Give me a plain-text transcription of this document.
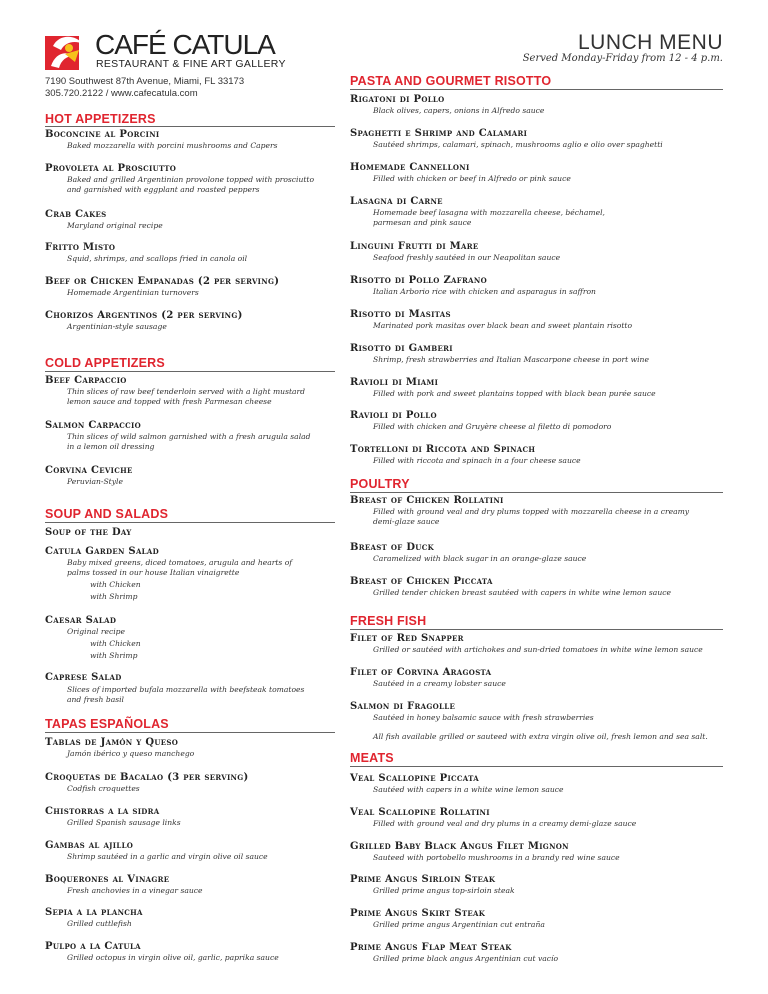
CAFÉ CATULA
RESTAURANT & FINE ART GALLERY
7190 Southwest 87th Avenue, Miami, FL 33173
305.720.2122 / www.cafecatula.com
LUNCH MENU
Served Monday-Friday from 12 - 4 p.m.
HOT APPETIZERS
Boconcine al Porcini
Baked mozzarella with porcini mushrooms and Capers
Provoleta al Prosciutto
Baked and grilled Argentinian provolone topped with prosciutto
and garnished with eggplant and roasted peppers
Crab Cakes
Maryland original recipe
Fritto Misto
Squid, shrimps, and scallops fried in canola oil
Beef or Chicken Empanadas (2 per serving)
Homemade Argentinian turnovers
Chorizos Argentinos (2 per serving)
Argentinian-style sausage
COLD APPETIZERS
Beef Carpaccio
Thin slices of raw beef tenderloin served with a light mustard
lemon sauce and topped with fresh Parmesan cheese
Salmon Carpaccio
Thin slices of wild salmon garnished with a fresh arugula salad
in a lemon oil dressing
Corvina Ceviche
Peruvian-Style
SOUP AND SALADS
Soup of the Day
Catula Garden Salad
Baby mixed greens, diced tomatoes, arugula and hearts of
palms tossed in our house Italian vinaigrette
with Chicken
with Shrimp
Caesar Salad
Original recipe
with Chicken
with Shrimp
Caprese Salad
Slices of imported bufala mozzarella with beefsteak tomatoes
and fresh basil
TAPAS ESPAÑOLAS
Tablas de Jamón y Queso
Jamón ibérico y queso manchego
Croquetas de Bacalao (3 per serving)
Codfish croquettes
Chistorras a la sidra
Grilled Spanish sausage links
Gambas al ajillo
Shrimp sautéed in a garlic and virgin olive oil sauce
Boquerones al Vinagre
Fresh anchovies in a vinegar sauce
Sepia a la plancha
Grilled cuttlefish
Pulpo a la Catula
Grilled octopus in virgin olive oil, garlic, paprika sauce
PASTA AND GOURMET RISOTTO
Rigatoni di Pollo
Black olives, capers, onions in Alfredo sauce
Spaghetti e Shrimp and Calamari
Sautéed shrimps, calamari, spinach, mushrooms aglio e olio over spaghetti
Homemade Cannelloni
Filled with chicken or beef in Alfredo or pink sauce
Lasagna di Carne
Homemade beef lasagna with mozzarella cheese, béchamel,
parmesan and pink sauce
Linguini Frutti di Mare
Seafood freshly sautéed in our Neapolitan sauce
Risotto di Pollo Zafrano
Italian Arborio rice with chicken and asparagus in saffron
Risotto di Masitas
Marinated pork masitas over black bean and sweet plantain risotto
Risotto di Gamberi
Shrimp, fresh strawberries and Italian Mascarpone cheese in port wine
Ravioli di Miami
Filled with pork and sweet plantains topped with black bean purée sauce
Ravioli di Pollo
Filled with chicken and Gruyère cheese al filetto di pomodoro
Tortelloni di Riccota and Spinach
Filled with riccota and spinach in a four cheese sauce
POULTRY
Breast of Chicken Rollatini
Filled with ground veal and dry plums topped with mozzarella cheese in a creamy
demi-glaze sauce
Breast of Duck
Caramelized with black sugar in an orange-glaze sauce
Breast of Chicken Piccata
Grilled tender chicken breast sautéed with capers in white wine lemon sauce
FRESH FISH
Filet of Red Snapper
Grilled or sautéed with artichokes and sun-dried tomatoes in white wine lemon sauce
Filet of Corvina Aragosta
Sautéed in a creamy lobster sauce
Salmon di Fragolle
Sautéed in honey balsamic sauce with fresh strawberries
All fish available grilled or sauteed with extra virgin olive oil, fresh lemon and sea salt.
MEATS
Veal Scallopine Piccata
Sautéed with capers in a white wine lemon sauce
Veal Scallopine Rollatini
Filled with ground veal and dry plums in a creamy demi-glaze sauce
Grilled Baby Black Angus Filet Mignon
Sauteed with portobello mushrooms in a brandy red wine sauce
Prime Angus Sirloin Steak
Grilled prime angus top-sirloin steak
Prime Angus Skirt Steak
Grilled prime angus Argentinian cut entraña
Prime Angus Flap Meat Steak
Grilled prime black angus Argentinian cut vacío
